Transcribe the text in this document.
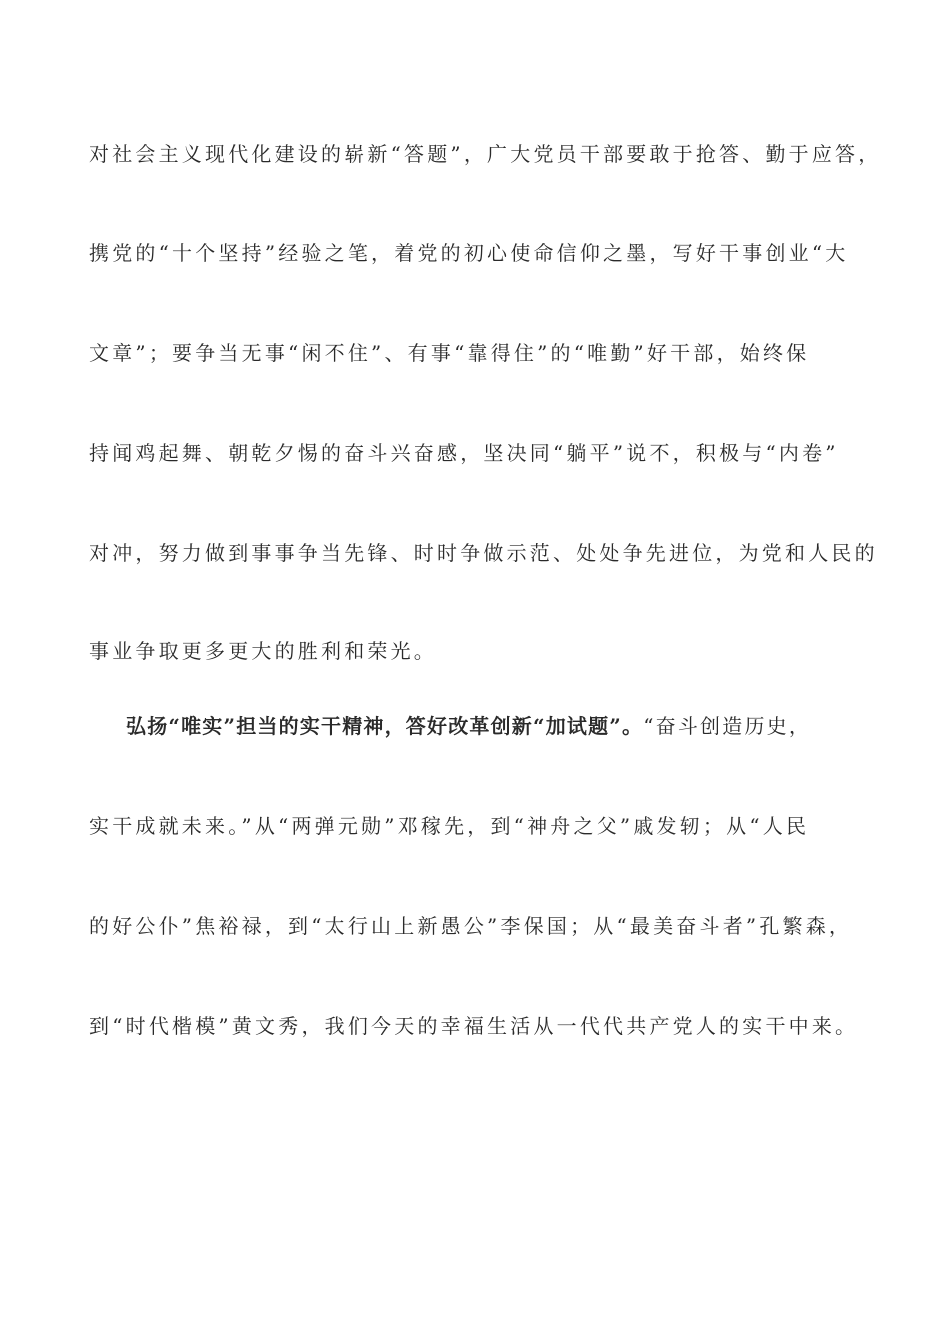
对社会主义现代化建设的崭新“答题”，广大党员干部要敢于抢答、勤于应答，
携党的“十个坚持”经验之笔，着党的初心使命信仰之墨，写好干事创业“大
文章”；要争当无事“闲不住”、有事“靠得住”的“唯勤”好干部，始终保
持闻鸡起舞、朝乾夕惕的奋斗兴奋感，坚决同“躺平”说不，积极与“内卷”
对冲，努力做到事事争当先锋、时时争做示范、处处争先进位，为党和人民的
事业争取更多更大的胜利和荣光。
弘扬“唯实”担当的实干精神，答好改革创新“加试题”。“奋斗创造历史，
实干成就未来。”从“两弹元勋”邓稼先，到“神舟之父”戚发轫；从“人民
的好公仆”焦裕禄，到“太行山上新愚公”李保国；从“最美奋斗者”孔繁森，
到“时代楷模”黄文秀，我们今天的幸福生活从一代代共产党人的实干中来。
